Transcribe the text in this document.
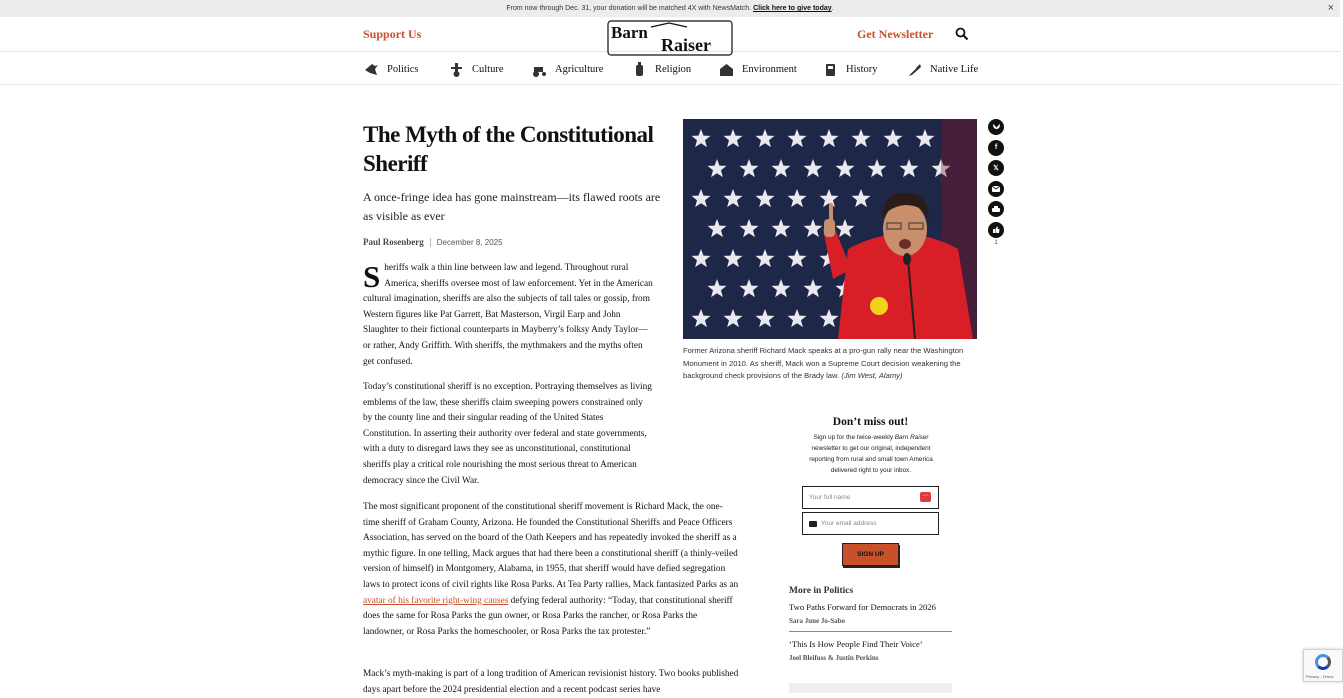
From now through Dec. 31, your donation will be matched 4X with NewsMatch. Click here to give today.	×
Support Us	Barn
Raiser
Get Newsletter
Politics	Culture	Agriculture	Religion	Environment	History	Native Life
The Myth of the Constitutional Sheriff

A once-fringe idea has gone mainstream—its flawed roots are as visible as ever

Paul Rosenberg December 8, 2025
Sheriffs walk a thin line between law and legend. Throughout rural America, sheriffs oversee most of law enforcement. Yet in the American cultural imagination, sheriffs are also the subjects of tall tales or gossip, from Western figures like Pat Garrett, Bat Masterson, Virgil Earp and John Slaughter to their fictional counterparts in Mayberry’s folksy Andy Taylor—or rather, Andy Griffith. With sheriffs, the mythmakers and the myths often get confused.
Today’s constitutional sheriff is no exception. Portraying themselves as living emblems of the law, these sheriffs claim sweeping powers constrained only by the county line and their singular reading of the United States Constitution. In asserting their authority over federal and state governments, with a duty to disregard laws they see as unconstitutional, constitutional sheriffs play a critical role nourishing the most serious threat to American democracy since the Civil War.
The most significant proponent of the constitutional sheriff movement is Richard Mack, the one-time sheriff of Graham County, Arizona. He founded the Constitutional Sheriffs and Peace Officers Association, has served on the board of the Oath Keepers and has repeatedly invoked the sheriff as a mythic figure. In one telling, Mack argues that had there been a constitutional sheriff (a thinly-veiled version of himself) in Montgomery, Alabama, in 1955, that sheriff would have defied segregation laws to protect icons of civil rights like Rosa Parks. At Tea Party rallies, Mack fantasized Parks as an avatar of his favorite right-wing causes defying federal authority: “Today, that constitutional sheriff does the same for Rosa Parks the gun owner, or Rosa Parks the rancher, or Rosa Parks the landowner, or Rosa Parks the homeschooler, or Rosa Parks the tax protester.”
Mack’s myth-making is part of a long tradition of American revisionist history. Two books published days apart before the 2024 presidential election and a recent podcast series have
Former Arizona sheriff Richard Mack speaks at a pro-gun rally near the Washington Monument in 2010. As sheriff, Mack won a Supreme Court decision weakening the background check provisions of the Brady law. (Jim West, Alamy)
f
𝕏
1
Don’t miss out!
Sign up for the twice-weekly Barn Raiser newsletter to get our original, independent reporting from rural and small town America delivered right to your inbox.
Your full name	···
Your email address
SIGN UP
More in Politics
Two Paths Forward for Democrats in 2026
Sara June Jo-Sabo
‘This Is How People Find Their Voice’
Joel Bleifuss & Justin Perkins
Privacy - Terms
